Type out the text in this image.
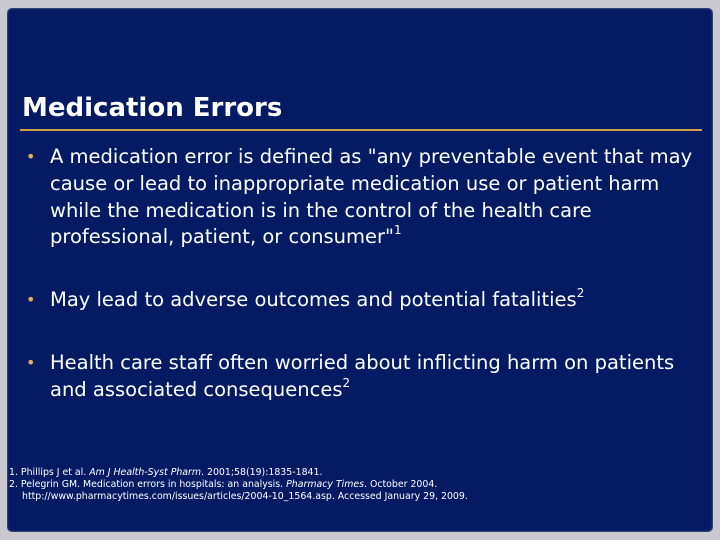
Medication Errors
• A medication error is defined as "any preventable event that may cause or lead to inappropriate medication use or patient harm while the medication is in the control of the health care professional, patient, or consumer"$^1$
• May lead to adverse outcomes and potential fatalities$^2$
• Health care staff often worried about inflicting harm on patients and associated consequences$^2$
1. Phillips J et al. Am J Health-Syst Pharm. 2001;58(19):1835-1841.
2. Pelegrin GM. Medication errors in hospitals: an analysis. Pharmacy Times. October 2004.
http://www.pharmacytimes.com/issues/articles/2004-10_1564.asp. Accessed January 29, 2009.
